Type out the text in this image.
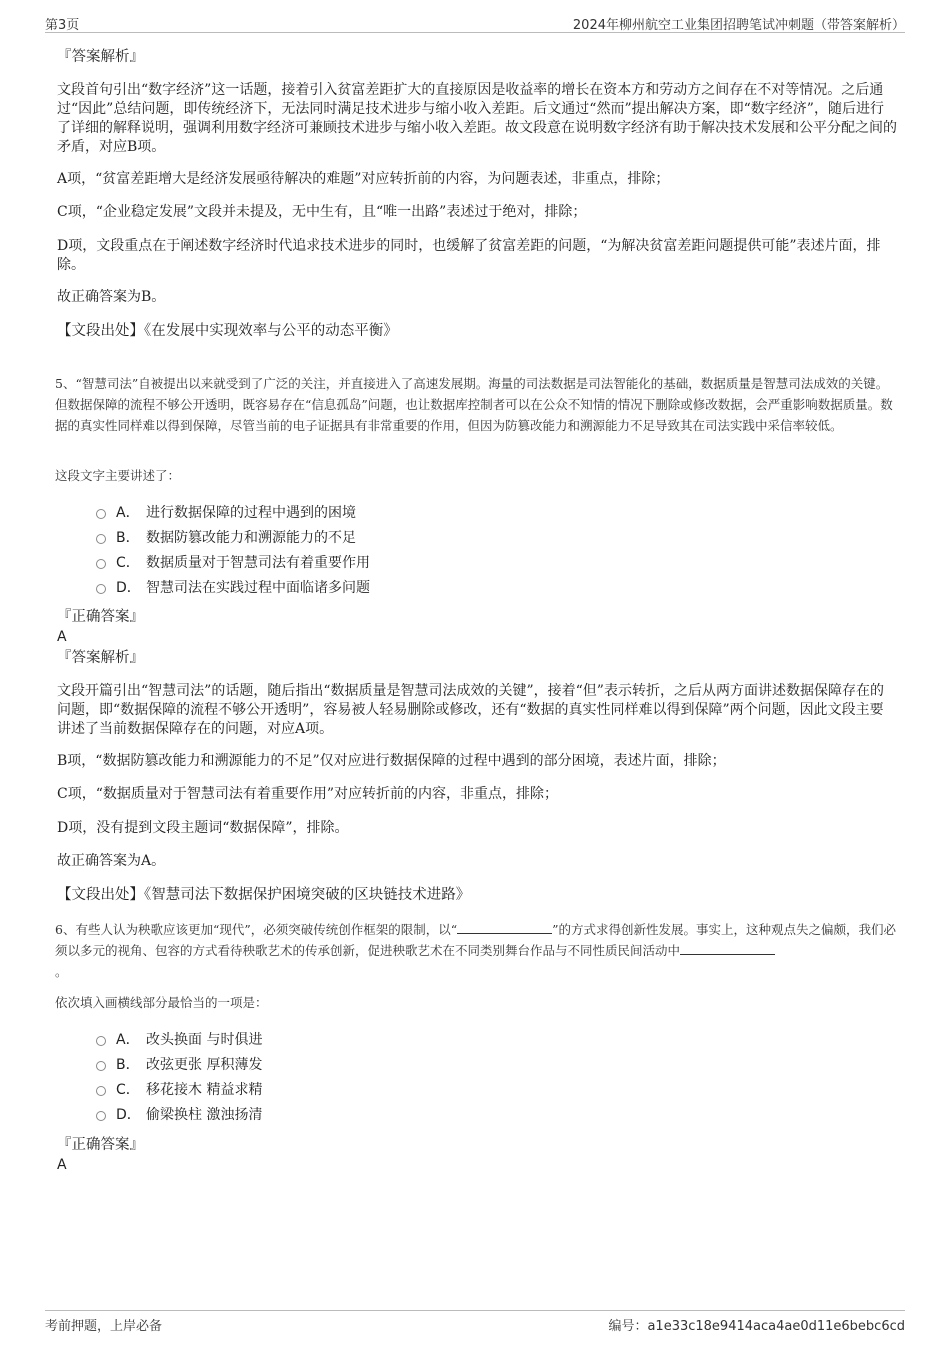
第3页	2024年柳州航空工业集团招聘笔试冲刺题（带答案解析）
『答案解析』

文段首句引出“数字经济”这一话题，接着引入贫富差距扩大的直接原因是收益率的增长在资本方和劳动方之间存在不对等情况。之后通过“因此”总结问题，即传统经济下，无法同时满足技术进步与缩小收入差距。后文通过“然而”提出解决方案，即“数字经济”，随后进行了详细的解释说明，强调利用数字经济可兼顾技术进步与缩小收入差距。故文段意在说明数字经济有助于解决技术发展和公平分配之间的矛盾，对应B项。

A项，“贫富差距增大是经济发展亟待解决的难题”对应转折前的内容，为问题表述，非重点，排除；

C项，“企业稳定发展”文段并未提及，无中生有，且“唯一出路”表述过于绝对，排除；

D项，文段重点在于阐述数字经济时代追求技术进步的同时，也缓解了贫富差距的问题，“为解决贫富差距问题提供可能”表述片面，排除。

故正确答案为B。

【文段出处】《在发展中实现效率与公平的动态平衡》

5、“智慧司法”自被提出以来就受到了广泛的关注，并直接进入了高速发展期。海量的司法数据是司法智能化的基础，数据质量是智慧司法成效的关键。但数据保障的流程不够公开透明，既容易存在“信息孤岛”问题，也让数据库控制者可以在公众不知情的情况下删除或修改数据，会严重影响数据质量。数据的真实性同样难以得到保障，尽管当前的电子证据具有非常重要的作用，但因为防篡改能力和溯源能力不足导致其在司法实践中采信率较低。

这段文字主要讲述了：
A． 进行数据保障的过程中遇到的困境
B． 数据防篡改能力和溯源能力的不足
C． 数据质量对于智慧司法有着重要作用
D． 智慧司法在实践过程中面临诸多问题
『正确答案』
A
『答案解析』

文段开篇引出“智慧司法”的话题，随后指出“数据质量是智慧司法成效的关键”，接着“但”表示转折，之后从两方面讲述数据保障存在的问题，即“数据保障的流程不够公开透明”，容易被人轻易删除或修改，还有“数据的真实性同样难以得到保障”两个问题，因此文段主要讲述了当前数据保障存在的问题，对应A项。

B项，“数据防篡改能力和溯源能力的不足”仅对应进行数据保障的过程中遇到的部分困境，表述片面，排除；

C项，“数据质量对于智慧司法有着重要作用”对应转折前的内容，非重点，排除；

D项，没有提到文段主题词“数据保障”，排除。

故正确答案为A。

【文段出处】《智慧司法下数据保护困境突破的区块链技术进路》

6、有些人认为秧歌应该更加“现代”，必须突破传统创作框架的限制，以“	”的方式求得创新性发展。事实上，这种观点失之偏颇，我们必须以多元的视角、包容的方式看待秧歌艺术的传承创新，促进秧歌艺术在不同类别舞台作品与不同性质民间活动中
。

依次填入画横线部分最恰当的一项是：
A． 改头换面 与时俱进
B． 改弦更张 厚积薄发
C． 移花接木 精益求精
D． 偷梁换柱 激浊扬清
『正确答案』
A
考前押题，上岸必备	编号：a1e33c18e9414aca4ae0d11e6bebc6cd
